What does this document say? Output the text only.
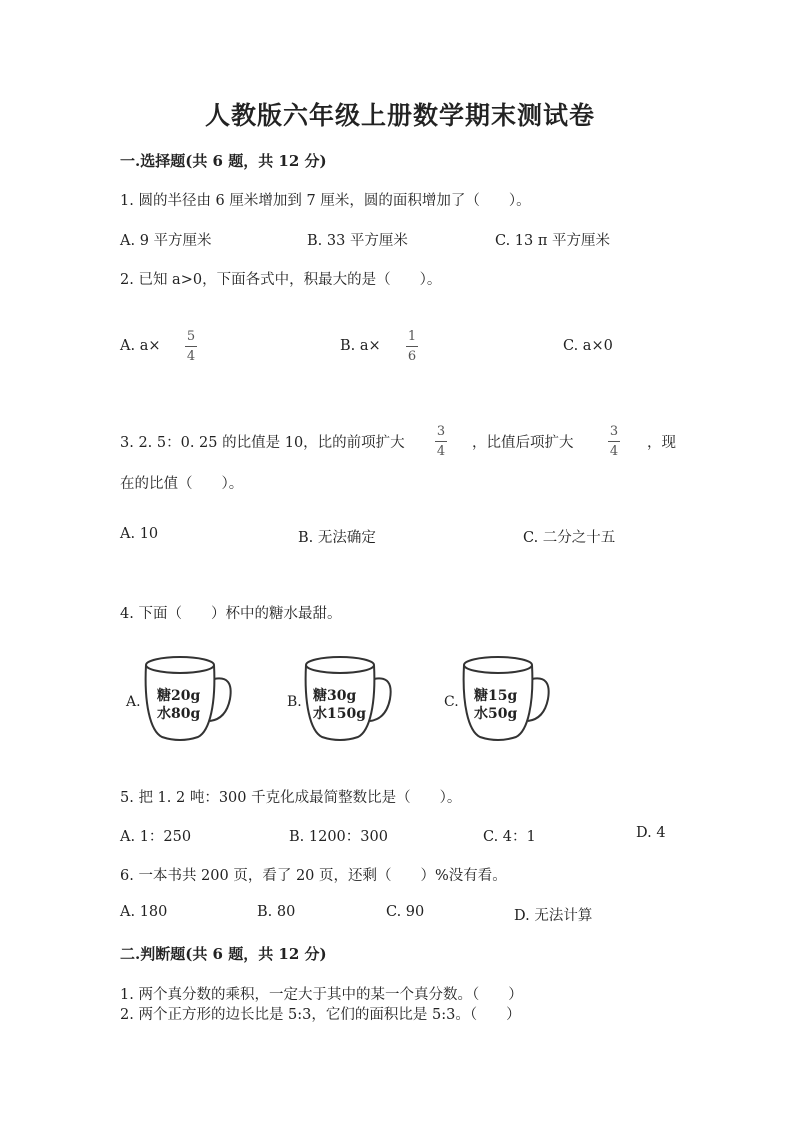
人教版六年级上册数学期末测试卷
一.选择题(共 6 题，共 12 分)
1. 圆的半径由 6 厘米增加到 7 厘米，圆的面积增加了（　　）。
A. 9 平方厘米	B. 33 平方厘米	C. 13 π 平方厘米
2. 已知 a>0，下面各式中，积最大的是（　　）。
A. a×
5
4
B. a×
1
6
C. a×0
3. 2. 5：0. 25 的比值是 10，比的前项扩大
3
4
，比值后项扩大
3
4
，现
在的比值（　　）。
A. 10	B. 无法确定	C. 二分之十五
4. 下面（　　）杯中的糖水最甜。
A. 糖20g
水80g
B. 糖30g
水150g
C. 糖15g
水50g
5. 把 1. 2 吨：300 千克化成最简整数比是（　　）。
A. 1：250	B. 1200：300	C. 4：1	D. 4
6. 一本书共 200 页，看了 20 页，还剩（　　）%没有看。
A. 180	B. 80	C. 90	D. 无法计算
二.判断题(共 6 题，共 12 分)
1. 两个真分数的乘积，一定大于其中的某一个真分数。（　　）
2. 两个正方形的边长比是 5:3，它们的面积比是 5:3。（　　）
